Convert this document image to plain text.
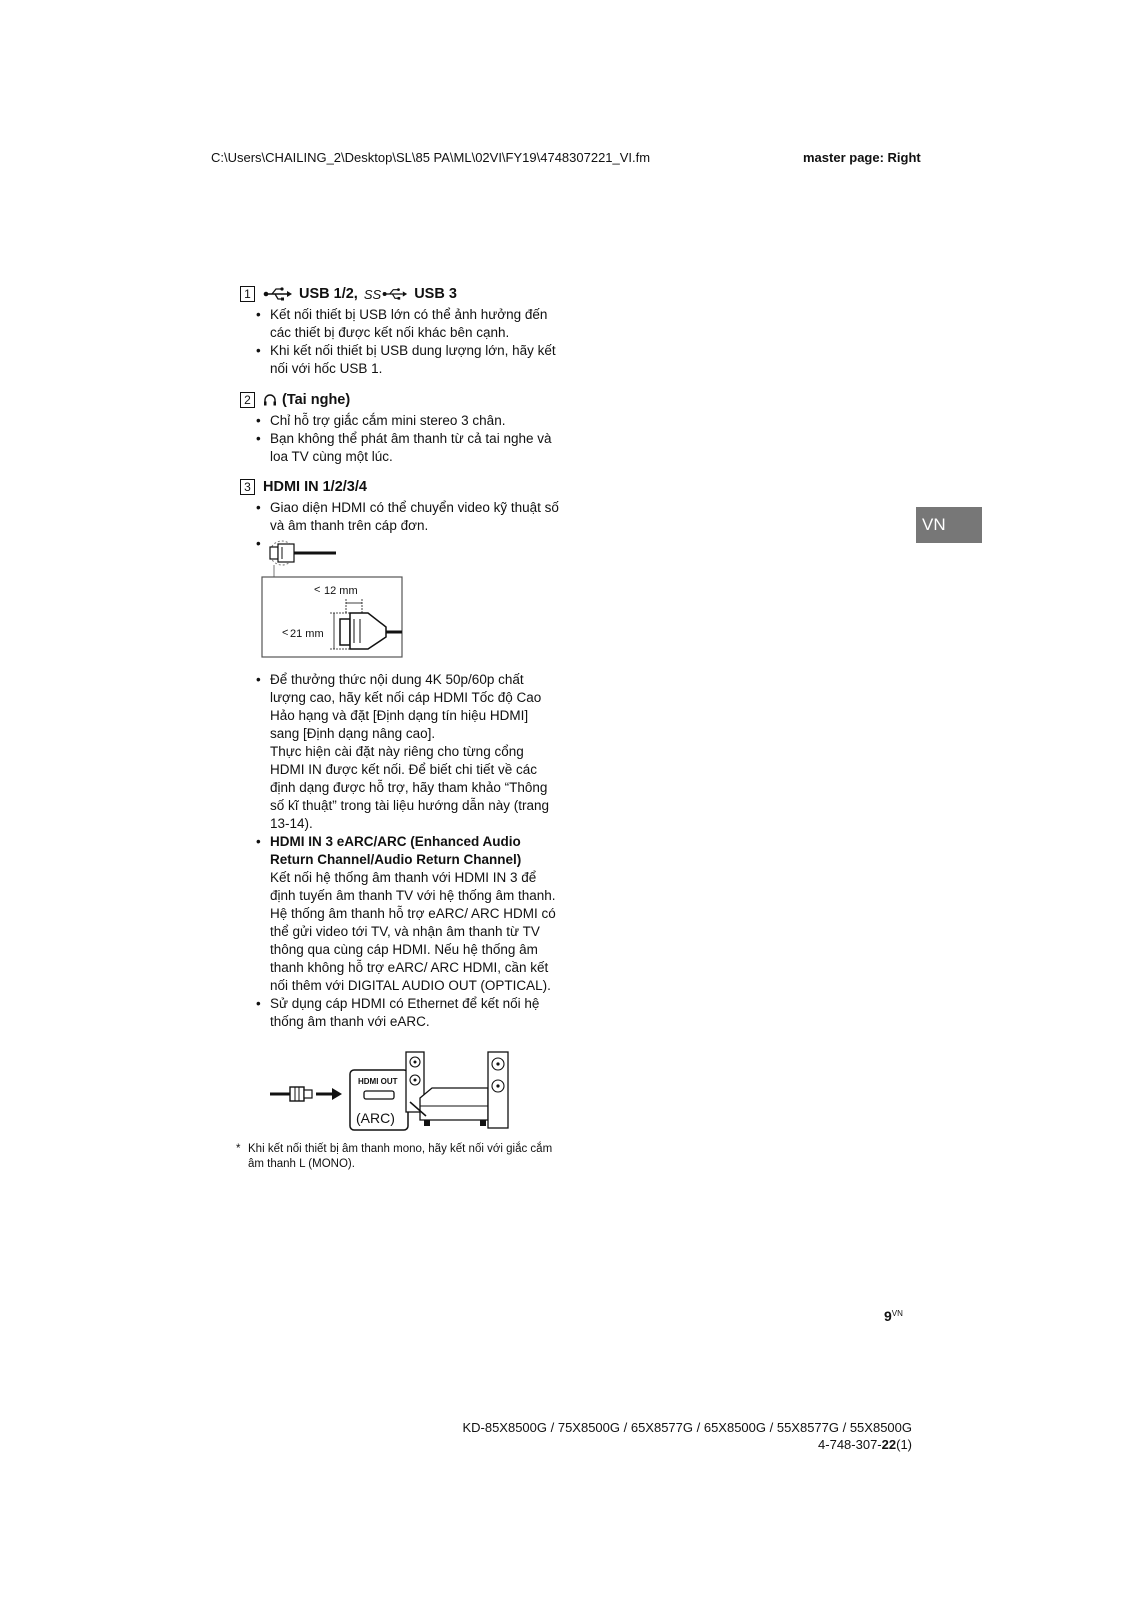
C:\Users\CHAILING_2\Desktop\SL\85 PA\ML\02VI\FY19\4748307221_VI.fm	master page: Right
1	USB 1/2, SS USB 3
• Kết nối thiết bị USB lớn có thể ảnh hưởng đến các thiết bị được kết nối khác bên cạnh.
• Khi kết nối thiết bị USB dung lượng lớn, hãy kết nối với hốc USB 1.
2 (Tai nghe)
• Chỉ hỗ trợ giắc cắm mini stereo 3 chân.
• Bạn không thể phát âm thanh từ cả tai nghe và loa TV cùng một lúc.
3 HDMI IN 1/2/3/4
• Giao diện HDMI có thể chuyển video kỹ thuật số và âm thanh trên cáp đơn.
• 12 mm
<
< 21 mm
• Để thưởng thức nội dung 4K 50p/60p chất lượng cao, hãy kết nối cáp HDMI Tốc độ Cao Hảo hạng và đặt [Định dạng tín hiệu HDMI] sang [Định dạng nâng cao].
Thực hiện cài đặt này riêng cho từng cổng HDMI IN được kết nối. Để biết chi tiết về các định dạng được hỗ trợ, hãy tham khảo “Thông số kĩ thuật” trong tài liệu hướng dẫn này (trang 13-14).
• HDMI IN 3 eARC/ARC (Enhanced Audio Return Channel/Audio Return Channel)
Kết nối hệ thống âm thanh với HDMI IN 3 để định tuyến âm thanh TV với hệ thống âm thanh. Hệ thống âm thanh hỗ trợ eARC/ ARC HDMI có thể gửi video tới TV, và nhận âm thanh từ TV thông qua cùng cáp HDMI. Nếu hệ thống âm thanh không hỗ trợ eARC/ ARC HDMI, cần kết nối thêm với DIGITAL AUDIO OUT (OPTICAL).
• Sử dụng cáp HDMI có Ethernet để kết nối hệ thống âm thanh với eARC.
HDMI OUT
(ARC)
* Khi kết nối thiết bị âm thanh mono, hãy kết nối với giắc cắm âm thanh L (MONO).
VN
$9^{VN}$
KD-85X8500G / 75X8500G / 65X8577G / 65X8500G / 55X8577G / 55X8500G
4-748-307-22(1)
